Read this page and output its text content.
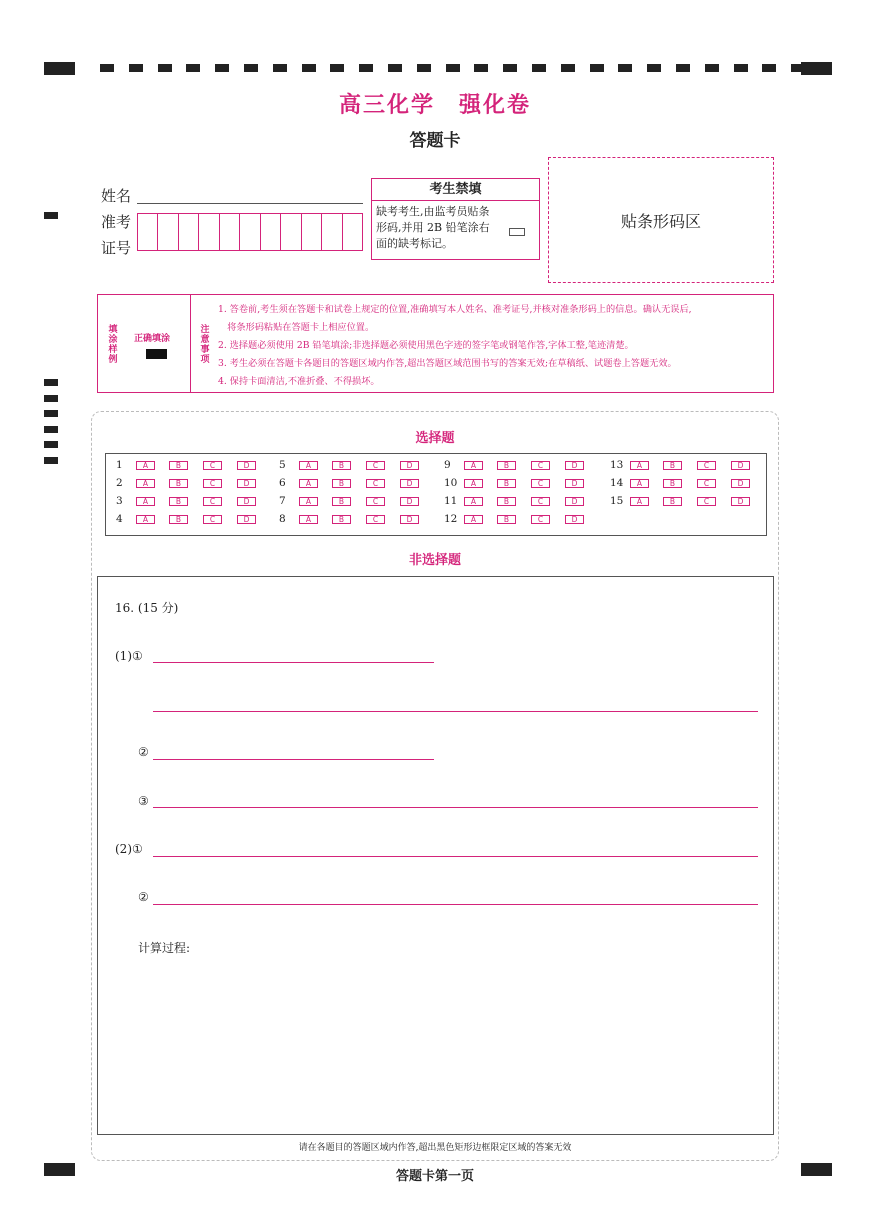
高三化学　强化卷
答题卡
姓名
准考
证号
考生禁填
缺考考生,由监考员贴条形码,并用 2B 铅笔涂右面的缺考标记。
贴条形码区
填
涂
样
例
正确填涂
注
意
事
项
1. 答卷前,考生须在答题卡和试卷上规定的位置,准确填写本人姓名、准考证号,并核对准条形码上的信息。确认无误后,
　将条形码粘贴在答题卡上相应位置。
2. 选择题必须使用 2B 铅笔填涂;非选择题必须使用黑色字迹的签字笔或钢笔作答,字体工整,笔迹清楚。
3. 考生必须在答题卡各题目的答题区域内作答,超出答题区域范围书写的答案无效;在草稿纸、试题卷上答题无效。
4. 保持卡面清洁,不准折叠、不得损坏。
选择题
1	A	B	C	D
2	A	B	C	D
3	A	B	C	D
4	A	B	C	D
5	A	B	C	D
6	A	B	C	D
7	A	B	C	D
8	A	B	C	D
9	A	B	C	D
10	A	B	C	D
11	A	B	C	D
12	A	B	C	D
13	A	B	C	D
14	A	B	C	D
15	A	B	C	D
非选择题
16. (15 分)
(1)①
②
③
(2)①
②
计算过程:
请在各题目的答题区域内作答,超出黑色矩形边框限定区域的答案无效
答题卡第一页
